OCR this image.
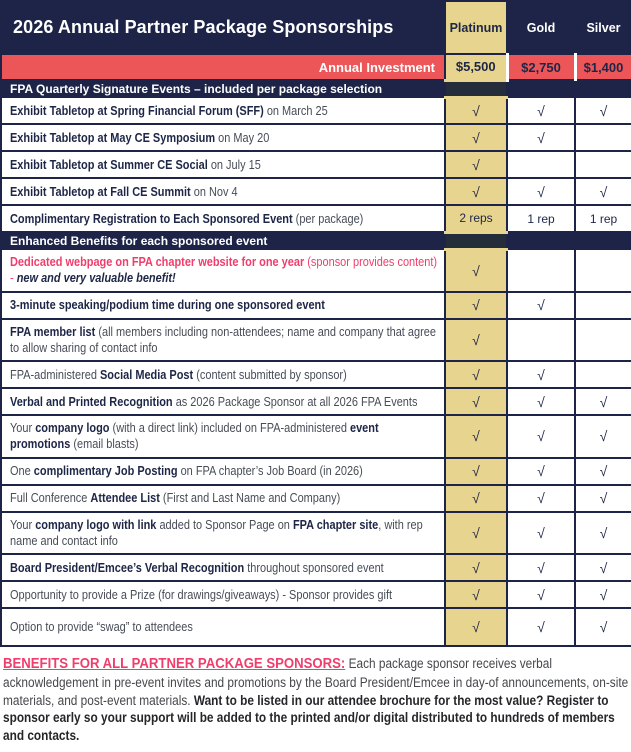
2026 Annual Partner Package Sponsorships	Platinum	Gold	Silver
Annual Investment	$5,500	$2,750	$1,400
FPA Quarterly Signature Events – included per package selection			
Exhibit Tabletop at Spring Financial Forum (SFF) on March 25	√	√	√
Exhibit Tabletop at May CE Symposium on May 20	√	√	
Exhibit Tabletop at Summer CE Social on July 15	√		
Exhibit Tabletop at Fall CE Summit on Nov 4	√	√	√
Complimentary Registration to Each Sponsored Event (per package)	2 reps	1 rep	1 rep
Enhanced Benefits for each sponsored event			
Dedicated webpage on FPA chapter website for one year (sponsor provides content) - new and very valuable benefit!	√		
3-minute speaking/podium time during one sponsored event	√	√	
FPA member list (all members including non-attendees; name and company that agree to allow sharing of contact info	√		
FPA-administered Social Media Post (content submitted by sponsor)	√	√	
Verbal and Printed Recognition as 2026 Package Sponsor at all 2026 FPA Events	√	√	√
Your company logo (with a direct link) included on FPA-administered event promotions (email blasts)	√	√	√
One complimentary Job Posting on FPA chapter’s Job Board (in 2026)	√	√	√
Full Conference Attendee List (First and Last Name and Company)	√	√	√
Your company logo with link added to Sponsor Page on FPA chapter site, with rep name and contact info	√	√	√
Board President/Emcee’s Verbal Recognition throughout sponsored event	√	√	√
Opportunity to provide a Prize (for drawings/giveaways) - Sponsor provides gift	√	√	√
Option to provide “swag” to attendees	√	√	√
BENEFITS FOR ALL PARTNER PACKAGE SPONSORS: Each package sponsor receives verbal acknowledgement in pre-event invites and promotions by the Board President/Emcee in day-of announcements, on-site materials, and post-event materials. Want to be listed in our attendee brochure for the most value? Register to sponsor early so your support will be added to the printed and/or digital distributed to hundreds of members and contacts.
